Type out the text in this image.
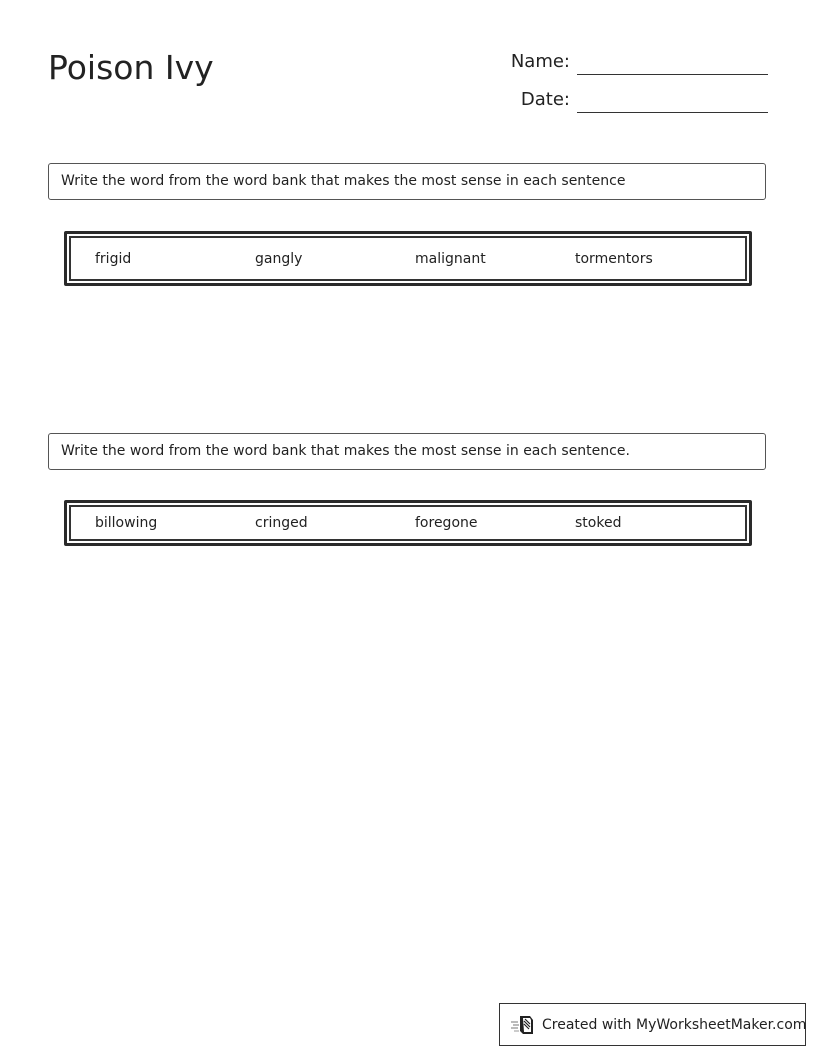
Poison Ivy	Name:
Date:
Write the word from the word bank that makes the most sense in each sentence
frigid	gangly	malignant	tormentors
Write the word from the word bank that makes the most sense in each sentence.
billowing	cringed	foregone	stoked
Created with MyWorksheetMaker.com
